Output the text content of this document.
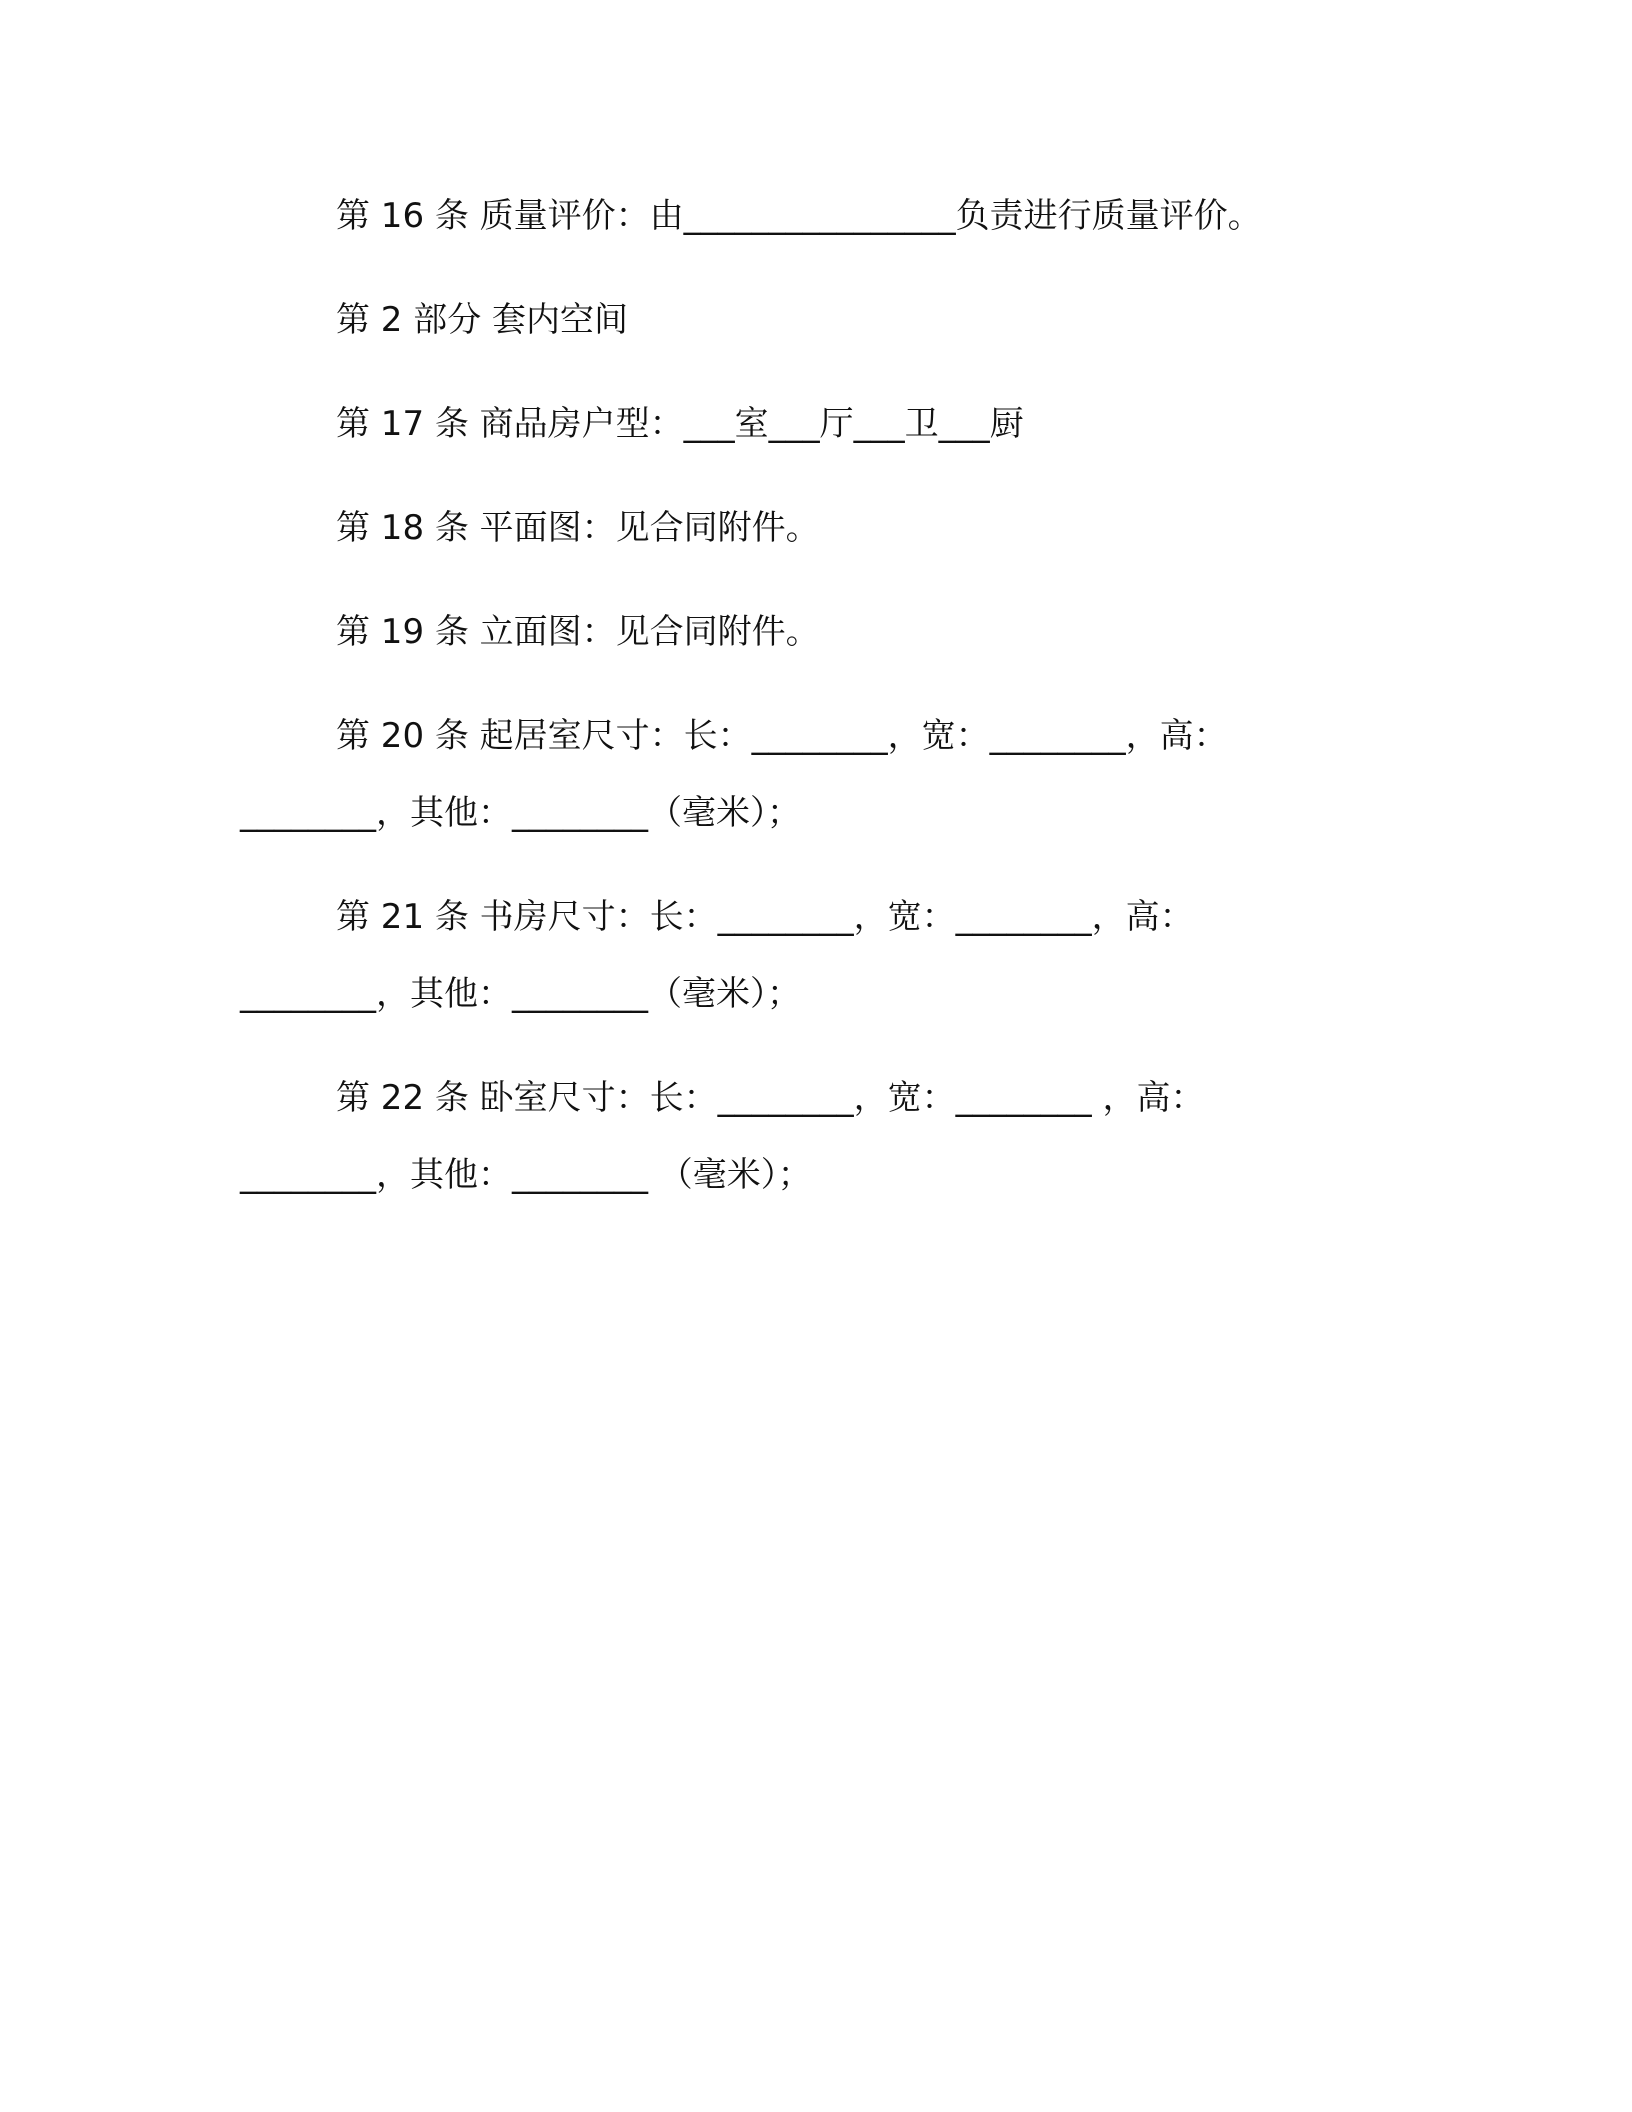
第 16 条 质量评价：由________________负责进行质量评价。
第 2 部分 套内空间
第 17 条 商品房户型：___室___厅___卫___厨
第 18 条 平面图：见合同附件。
第 19 条 立面图：见合同附件。
第 20 条 起居室尺寸：长：________，宽：________，高：
________，其他：________（毫米）；
第 21 条 书房尺寸：长：________，宽：________，高：
________，其他：________（毫米）；
第 22 条 卧室尺寸：长：________，宽：________ ，高：
________，其他：________ （毫米）；
